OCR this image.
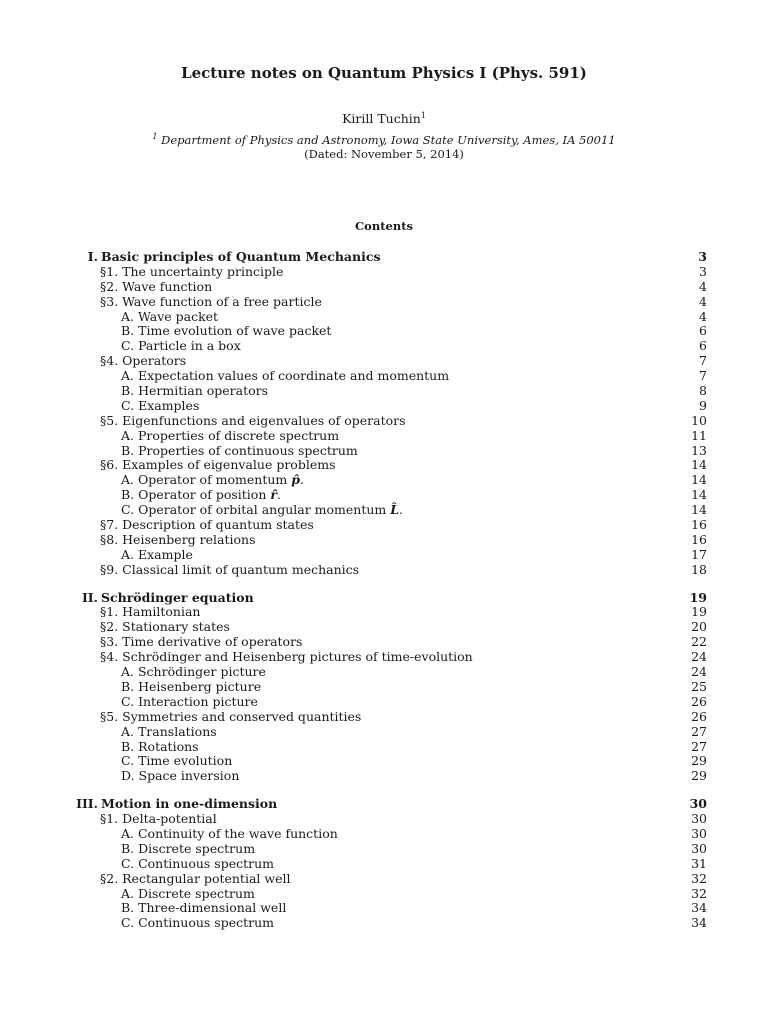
Lecture notes on Quantum Physics I (Phys. 591)
Kirill Tuchin$^1$
$^1$ Department of Physics and Astronomy, Iowa State University, Ames, IA 50011
(Dated: November 5, 2014)
Contents
I. Basic principles of Quantum Mechanics	3
§1. The uncertainty principle	3
§2. Wave function	4
§3. Wave function of a free particle	4
A. Wave packet	4
B. Time evolution of wave packet	6
C. Particle in a box	6
§4. Operators	7
A. Expectation values of coordinate and momentum	7
B. Hermitian operators	8
C. Examples	9
§5. Eigenfunctions and eigenvalues of operators	10
A. Properties of discrete spectrum	11
B. Properties of continuous spectrum	13
§6. Examples of eigenvalue problems	14
A. Operator of momentum p̂.	14
B. Operator of position r̂.	14
C. Operator of orbital angular momentum L̂.	14
§7. Description of quantum states	16
§8. Heisenberg relations	16
A. Example	17
§9. Classical limit of quantum mechanics	18
II. Schrödinger equation	19
§1. Hamiltonian	19
§2. Stationary states	20
§3. Time derivative of operators	22
§4. Schrödinger and Heisenberg pictures of time-evolution	24
A. Schrödinger picture	24
B. Heisenberg picture	25
C. Interaction picture	26
§5. Symmetries and conserved quantities	26
A. Translations	27
B. Rotations	27
C. Time evolution	29
D. Space inversion	29
III. Motion in one-dimension	30
§1. Delta-potential	30
A. Continuity of the wave function	30
B. Discrete spectrum	30
C. Continuous spectrum	31
§2. Rectangular potential well	32
A. Discrete spectrum	32
B. Three-dimensional well	34
C. Continuous spectrum	34
